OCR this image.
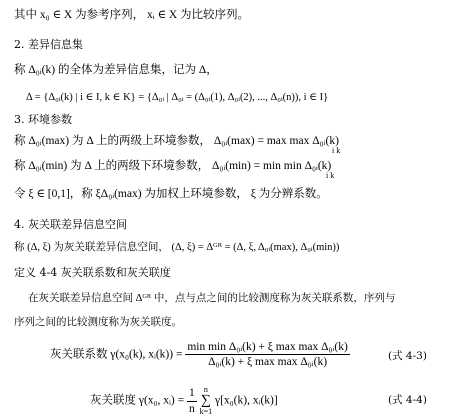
其中 x₀ ∈ X 为参考序列， xᵢ ∈ X 为比较序列。
2. 差异信息集
称 Δ₀ᵢ(k) 的全体为差异信息集，记为 Δ，
Δ = {Δ₀ᵢ(k) | i ∈ I, k ∈ K} = {Δ₀ᵢ | Δ₀ᵢ = (Δ₀ᵢ(1), Δ₀ᵢ(2), ..., Δ₀ᵢ(n)), i ∈ I}
3. 环境参数
称 Δ₀ᵢ(max) 为 Δ 上的两级上环境参数， Δ₀ᵢ(max) = max max Δ₀ᵢ(k)
i k
称 Δ₀ᵢ(min) 为 Δ 上的两级下环境参数， Δ₀ᵢ(min) = min min Δ₀ᵢ(k)
i k
令 ξ ∈ [0,1]，称 ξΔ₀ᵢ(max) 为加权上环境参数， ξ 为分辨系数。
4. 灰关联差异信息空间
称 (Δ, ξ) 为灰关联差异信息空间， (Δ, ξ) = Δᴳᴿ = (Δ, ξ, Δ₀ᵢ(max), Δ₀ᵢ(min))
定义 4-4 灰关联系数和灰关联度
在灰关联差异信息空间 Δᴳᴿ 中，点与点之间的比较测度称为灰关联系数，序列与
序列之间的比较测度称为灰关联度。
灰关联系数 γ(x₀(k), xᵢ(k)) = $\frac{\text{min min Δ₀ᵢ(k) + ξ max max Δ₀ᵢ(k)}}{\text{Δ₀ᵢ(k) + ξ max max Δ₀ᵢ(k)}}$	(式 4-3)
灰关联度 γ(x₀, xᵢ) = $\frac{1}{n}$
n
∑
k=1
γ[x₀(k), xᵢ(k)]	(式 4-4)
